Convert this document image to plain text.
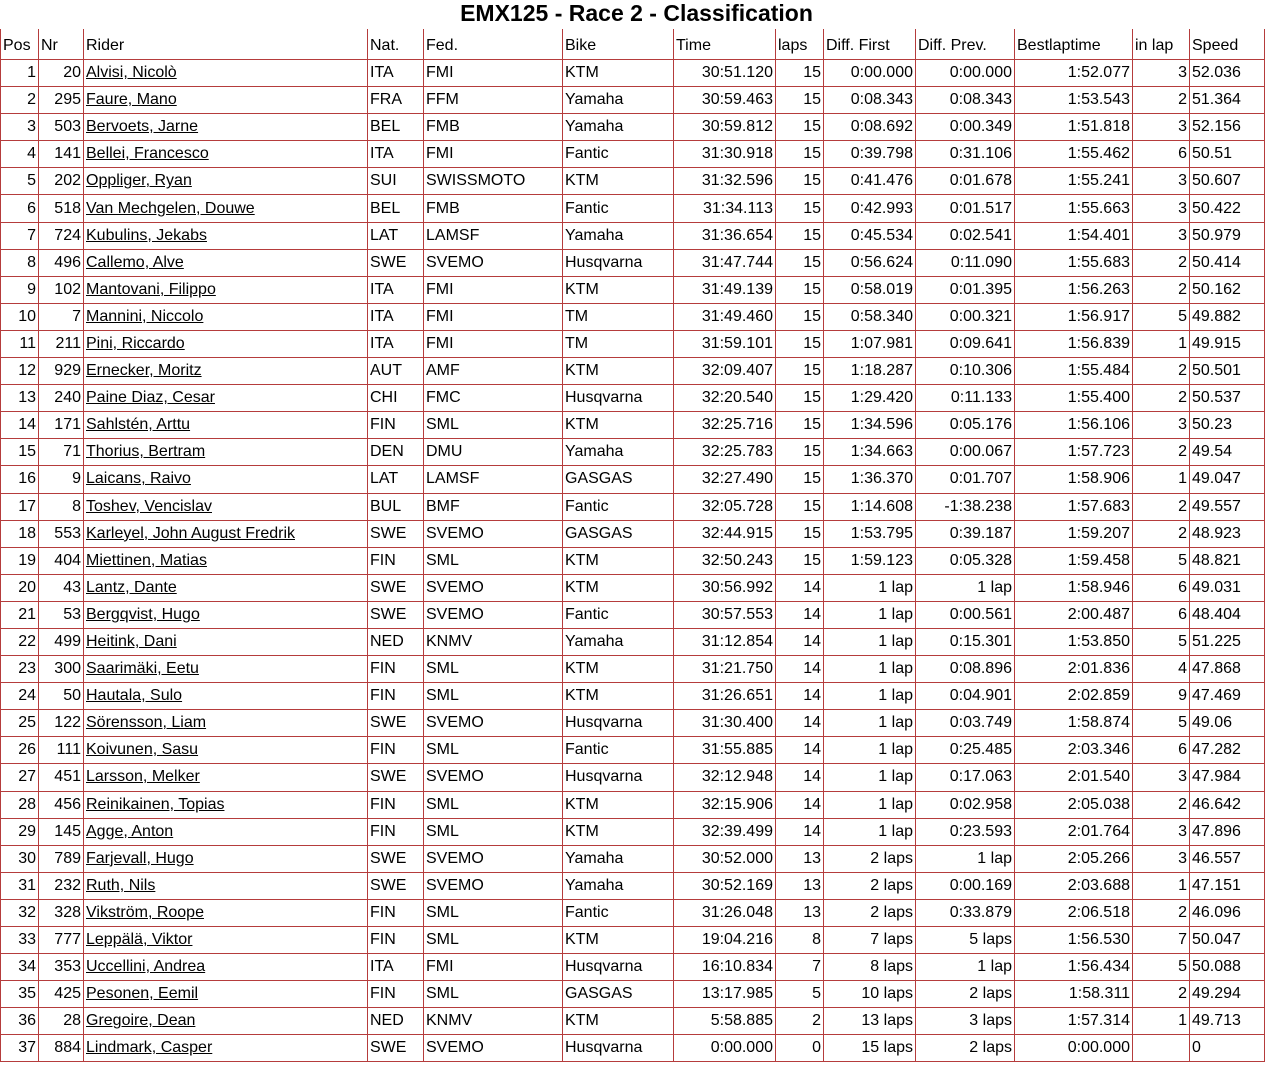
EMX125 - Race 2 - Classification
Pos	Nr	Rider	Nat.	Fed.	Bike	Time	laps	Diff. First	Diff. Prev.	Bestlaptime	in lap	Speed
1	20	Alvisi, Nicolò	ITA	FMI	KTM	30:51.120	15	0:00.000	0:00.000	1:52.077	3	52.036
2	295	Faure, Mano	FRA	FFM	Yamaha	30:59.463	15	0:08.343	0:08.343	1:53.543	2	51.364
3	503	Bervoets, Jarne	BEL	FMB	Yamaha	30:59.812	15	0:08.692	0:00.349	1:51.818	3	52.156
4	141	Bellei, Francesco	ITA	FMI	Fantic	31:30.918	15	0:39.798	0:31.106	1:55.462	6	50.51
5	202	Oppliger, Ryan	SUI	SWISSMOTO	KTM	31:32.596	15	0:41.476	0:01.678	1:55.241	3	50.607
6	518	Van Mechgelen, Douwe	BEL	FMB	Fantic	31:34.113	15	0:42.993	0:01.517	1:55.663	3	50.422
7	724	Kubulins, Jekabs	LAT	LAMSF	Yamaha	31:36.654	15	0:45.534	0:02.541	1:54.401	3	50.979
8	496	Callemo, Alve	SWE	SVEMO	Husqvarna	31:47.744	15	0:56.624	0:11.090	1:55.683	2	50.414
9	102	Mantovani, Filippo	ITA	FMI	KTM	31:49.139	15	0:58.019	0:01.395	1:56.263	2	50.162
10	7	Mannini, Niccolo	ITA	FMI	TM	31:49.460	15	0:58.340	0:00.321	1:56.917	5	49.882
11	211	Pini, Riccardo	ITA	FMI	TM	31:59.101	15	1:07.981	0:09.641	1:56.839	1	49.915
12	929	Ernecker, Moritz	AUT	AMF	KTM	32:09.407	15	1:18.287	0:10.306	1:55.484	2	50.501
13	240	Paine Diaz, Cesar	CHI	FMC	Husqvarna	32:20.540	15	1:29.420	0:11.133	1:55.400	2	50.537
14	171	Sahlstén, Arttu	FIN	SML	KTM	32:25.716	15	1:34.596	0:05.176	1:56.106	3	50.23
15	71	Thorius, Bertram	DEN	DMU	Yamaha	32:25.783	15	1:34.663	0:00.067	1:57.723	2	49.54
16	9	Laicans, Raivo	LAT	LAMSF	GASGAS	32:27.490	15	1:36.370	0:01.707	1:58.906	1	49.047
17	8	Toshev, Vencislav	BUL	BMF	Fantic	32:05.728	15	1:14.608	-1:38.238	1:57.683	2	49.557
18	553	Karleyel, John August Fredrik	SWE	SVEMO	GASGAS	32:44.915	15	1:53.795	0:39.187	1:59.207	2	48.923
19	404	Miettinen, Matias	FIN	SML	KTM	32:50.243	15	1:59.123	0:05.328	1:59.458	5	48.821
20	43	Lantz, Dante	SWE	SVEMO	KTM	30:56.992	14	1 lap	1 lap	1:58.946	6	49.031
21	53	Bergqvist, Hugo	SWE	SVEMO	Fantic	30:57.553	14	1 lap	0:00.561	2:00.487	6	48.404
22	499	Heitink, Dani	NED	KNMV	Yamaha	31:12.854	14	1 lap	0:15.301	1:53.850	5	51.225
23	300	Saarimäki, Eetu	FIN	SML	KTM	31:21.750	14	1 lap	0:08.896	2:01.836	4	47.868
24	50	Hautala, Sulo	FIN	SML	KTM	31:26.651	14	1 lap	0:04.901	2:02.859	9	47.469
25	122	Sörensson, Liam	SWE	SVEMO	Husqvarna	31:30.400	14	1 lap	0:03.749	1:58.874	5	49.06
26	111	Koivunen, Sasu	FIN	SML	Fantic	31:55.885	14	1 lap	0:25.485	2:03.346	6	47.282
27	451	Larsson, Melker	SWE	SVEMO	Husqvarna	32:12.948	14	1 lap	0:17.063	2:01.540	3	47.984
28	456	Reinikainen, Topias	FIN	SML	KTM	32:15.906	14	1 lap	0:02.958	2:05.038	2	46.642
29	145	Agge, Anton	FIN	SML	KTM	32:39.499	14	1 lap	0:23.593	2:01.764	3	47.896
30	789	Farjevall, Hugo	SWE	SVEMO	Yamaha	30:52.000	13	2 laps	1 lap	2:05.266	3	46.557
31	232	Ruth, Nils	SWE	SVEMO	Yamaha	30:52.169	13	2 laps	0:00.169	2:03.688	1	47.151
32	328	Vikström, Roope	FIN	SML	Fantic	31:26.048	13	2 laps	0:33.879	2:06.518	2	46.096
33	777	Leppälä, Viktor	FIN	SML	KTM	19:04.216	8	7 laps	5 laps	1:56.530	7	50.047
34	353	Uccellini, Andrea	ITA	FMI	Husqvarna	16:10.834	7	8 laps	1 lap	1:56.434	5	50.088
35	425	Pesonen, Eemil	FIN	SML	GASGAS	13:17.985	5	10 laps	2 laps	1:58.311	2	49.294
36	28	Gregoire, Dean	NED	KNMV	KTM	5:58.885	2	13 laps	3 laps	1:57.314	1	49.713
37	884	Lindmark, Casper	SWE	SVEMO	Husqvarna	0:00.000	0	15 laps	2 laps	0:00.000		0
